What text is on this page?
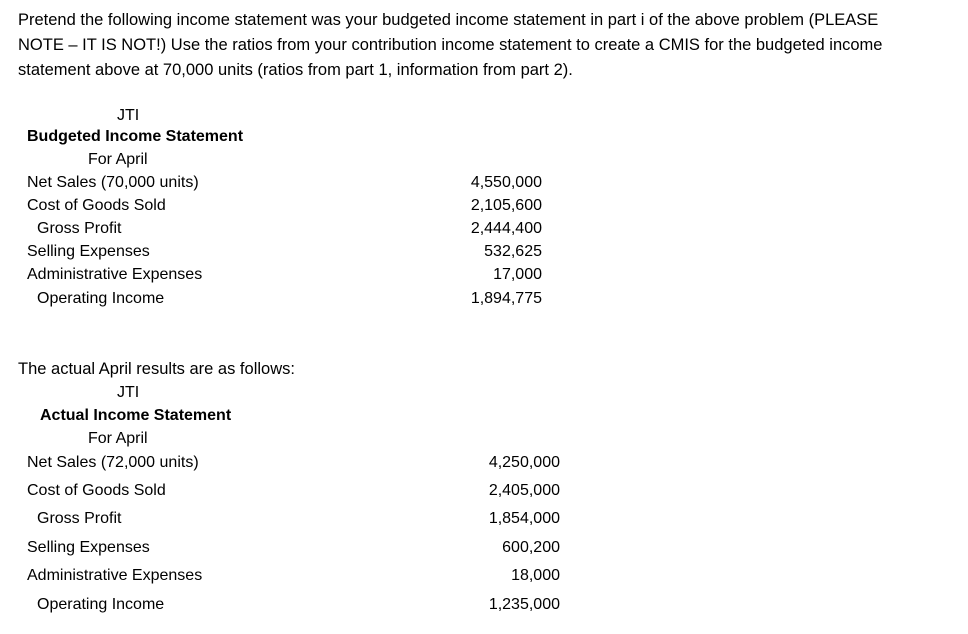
Pretend the following income statement was your budgeted income statement in part i of the above problem (PLEASE

NOTE – IT IS NOT!) Use the ratios from your contribution income statement to create a CMIS for the budgeted income

statement above at 70,000 units (ratios from part 1, information from part 2).

JTI
Budgeted Income Statement
For April
Net Sales (70,000 units)	4,550,000
Cost of Goods Sold	2,105,600
Gross Profit	2,444,400
Selling Expenses	532,625
Administrative Expenses	17,000
Operating Income	1,894,775
The actual April results are as follows:
JTI
Actual Income Statement
For April
Net Sales (72,000 units)	4,250,000
Cost of Goods Sold	2,405,000
Gross Profit	1,854,000
Selling Expenses	600,200
Administrative Expenses	18,000
Operating Income	1,235,000
